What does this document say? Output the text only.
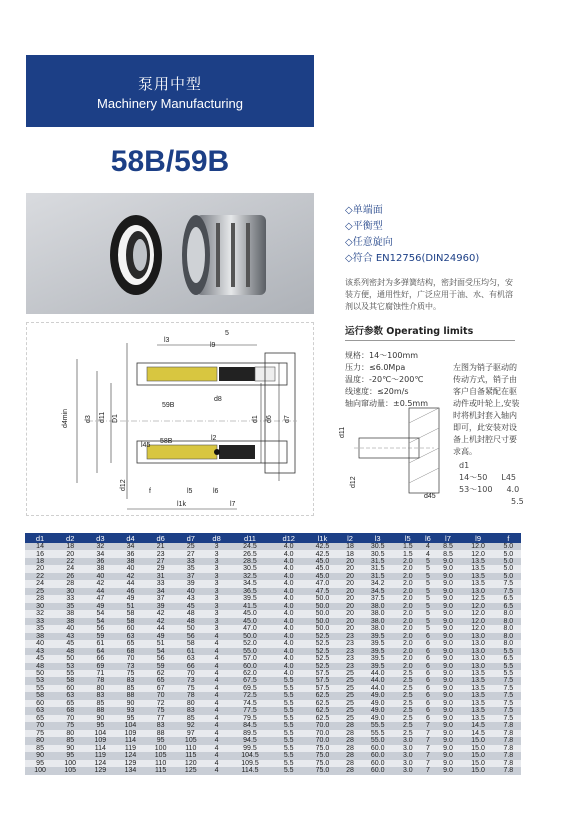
泵用中型
Machinery Manufacturing
58B/59B
◇单端面
◇平衡型
◇任意旋向
◇符合 EN12756(DIN24960)
该系列密封为多弹簧结构，密封面受压均匀，安装方便，通用性好，广泛应用于油、水、有机溶剂以及其它腐蚀性介质中。
运行参数 Operating limits
规格：14～100mm
压力：≤6.0Mpa
温度：-20℃～200℃
线速度：≤20m/s
轴向窜动量：±0.5mm
左图为销子驱动的传动方式，销子由客户自备紧配在驱动件或叶轮上,安装时将机封套入轴内即可，此安装对设备上机封腔尺寸要求高。
l3
l9
5
59B
58B
d8
d4min d3 d11 D1	d1 d6 d7
l45
l2
d12
f	l5	l6
l1k	l7
d11
d12
d45
d1
14～50 L45
53～100 4.0
5.5
d1	d2	d3	d4	d6	d7	d8	d11	d12	l1k	l2	l3	l5	l6	l7	l9	f
14	18	32	34	21	25	3	24.5	4.0	42.5	18	30.5	1.5	4	8.5	12.0	5.0
16	20	34	36	23	27	3	26.5	4.0	42.5	18	30.5	1.5	4	8.5	12.0	5.0
18	22	36	38	27	33	3	28.5	4.0	45.0	20	31.5	2.0	5	9.0	13.5	5.0
20	24	38	40	29	35	3	30.5	4.0	45.0	20	31.5	2.0	5	9.0	13.5	5.0
22	26	40	42	31	37	3	32.5	4.0	45.0	20	31.5	2.0	5	9.0	13.5	5.0
24	28	42	44	33	39	3	34.5	4.0	47.0	20	34.2	2.0	5	9.0	13.5	7.5
25	30	44	46	34	40	3	36.5	4.0	47.5	20	34.5	2.0	5	9.0	13.0	7.5
28	33	47	49	37	43	3	39.5	4.0	50.0	20	37.5	2.0	5	9.0	12.5	6.5
30	35	49	51	39	45	3	41.5	4.0	50.0	20	38.0	2.0	5	9.0	12.0	6.5
32	38	54	58	42	48	3	45.0	4.0	50.0	20	38.0	2.0	5	9.0	12.0	8.0
33	38	54	58	42	48	3	45.0	4.0	50.0	20	38.0	2.0	5	9.0	12.0	8.0
35	40	56	60	44	50	3	47.0	4.0	50.0	20	38.0	2.0	5	9.0	12.0	8.0
38	43	59	63	49	56	4	50.0	4.0	52.5	23	39.5	2.0	6	9.0	13.0	8.0
40	45	61	65	51	58	4	52.0	4.0	52.5	23	39.5	2.0	6	9.0	13.0	8.0
43	48	64	68	54	61	4	55.0	4.0	52.5	23	39.5	2.0	6	9.0	13.0	5.5
45	50	66	70	56	63	4	57.0	4.0	52.5	23	39.5	2.0	6	9.0	13.0	6.5
48	53	69	73	59	66	4	60.0	4.0	52.5	23	39.5	2.0	6	9.0	13.0	5.5
50	55	71	75	62	70	4	62.0	4.0	57.5	25	44.0	2.5	6	9.0	13.5	5.5
53	58	78	83	65	73	4	67.5	5.5	57.5	25	44.0	2.5	6	9.0	13.5	7.5
55	60	80	85	67	75	4	69.5	5.5	57.5	25	44.0	2.5	6	9.0	13.5	7.5
58	63	83	88	70	78	4	72.5	5.5	62.5	25	49.0	2.5	6	9.0	13.5	7.5
60	65	85	90	72	80	4	74.5	5.5	62.5	25	49.0	2.5	6	9.0	13.5	7.5
63	68	88	93	75	83	4	77.5	5.5	62.5	25	49.0	2.5	6	9.0	13.5	7.5
65	70	90	95	77	85	4	79.5	5.5	62.5	25	49.0	2.5	6	9.0	13.5	7.5
70	75	95	104	83	92	4	84.5	5.5	70.0	28	55.5	2.5	7	9.0	14.5	7.8
75	80	104	109	88	97	4	89.5	5.5	70.0	28	55.5	2.5	7	9.0	14.5	7.8
80	85	109	114	95	105	4	94.5	5.5	70.0	28	55.0	3.0	7	9.0	15.0	7.8
85	90	114	119	100	110	4	99.5	5.5	75.0	28	60.0	3.0	7	9.0	15.0	7.8
90	95	119	124	105	115	4	104.5	5.5	75.0	28	60.0	3.0	7	9.0	15.0	7.8
95	100	124	129	110	120	4	109.5	5.5	75.0	28	60.0	3.0	7	9.0	15.0	7.8
100	105	129	134	115	125	4	114.5	5.5	75.0	28	60.0	3.0	7	9.0	15.0	7.8
